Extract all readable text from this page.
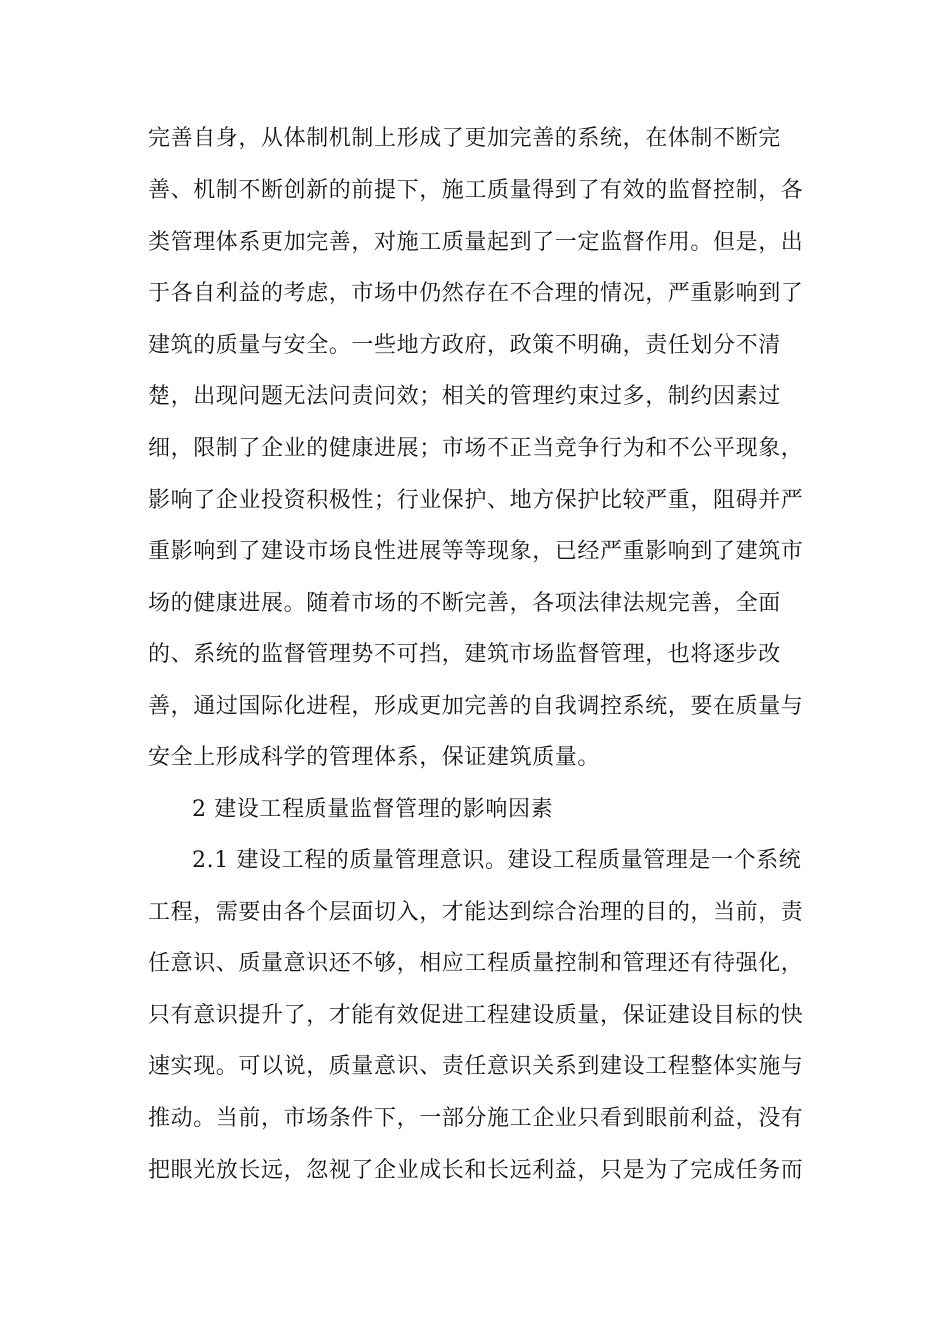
完善自身，从体制机制上形成了更加完善的系统，在体制不断完
善、机制不断创新的前提下，施工质量得到了有效的监督控制，各
类管理体系更加完善，对施工质量起到了一定监督作用。但是，出
于各自利益的考虑，市场中仍然存在不合理的情况，严重影响到了
建筑的质量与安全。一些地方政府，政策不明确，责任划分不清
楚，出现问题无法问责问效；相关的管理约束过多，制约因素过
细，限制了企业的健康进展；市场不正当竞争行为和不公平现象，
影响了企业投资积极性；行业保护、地方保护比较严重，阻碍并严
重影响到了建设市场良性进展等等现象，已经严重影响到了建筑市
场的健康进展。随着市场的不断完善，各项法律法规完善，全面
的、系统的监督管理势不可挡，建筑市场监督管理，也将逐步改
善，通过国际化进程，形成更加完善的自我调控系统，要在质量与
安全上形成科学的管理体系，保证建筑质量。
2 建设工程质量监督管理的影响因素
2.1 建设工程的质量管理意识。建设工程质量管理是一个系统
工程，需要由各个层面切入，才能达到综合治理的目的，当前，责
任意识、质量意识还不够，相应工程质量控制和管理还有待强化，
只有意识提升了，才能有效促进工程建设质量，保证建设目标的快
速实现。可以说，质量意识、责任意识关系到建设工程整体实施与
推动。当前，市场条件下，一部分施工企业只看到眼前利益，没有
把眼光放长远，忽视了企业成长和长远利益，只是为了完成任务而
